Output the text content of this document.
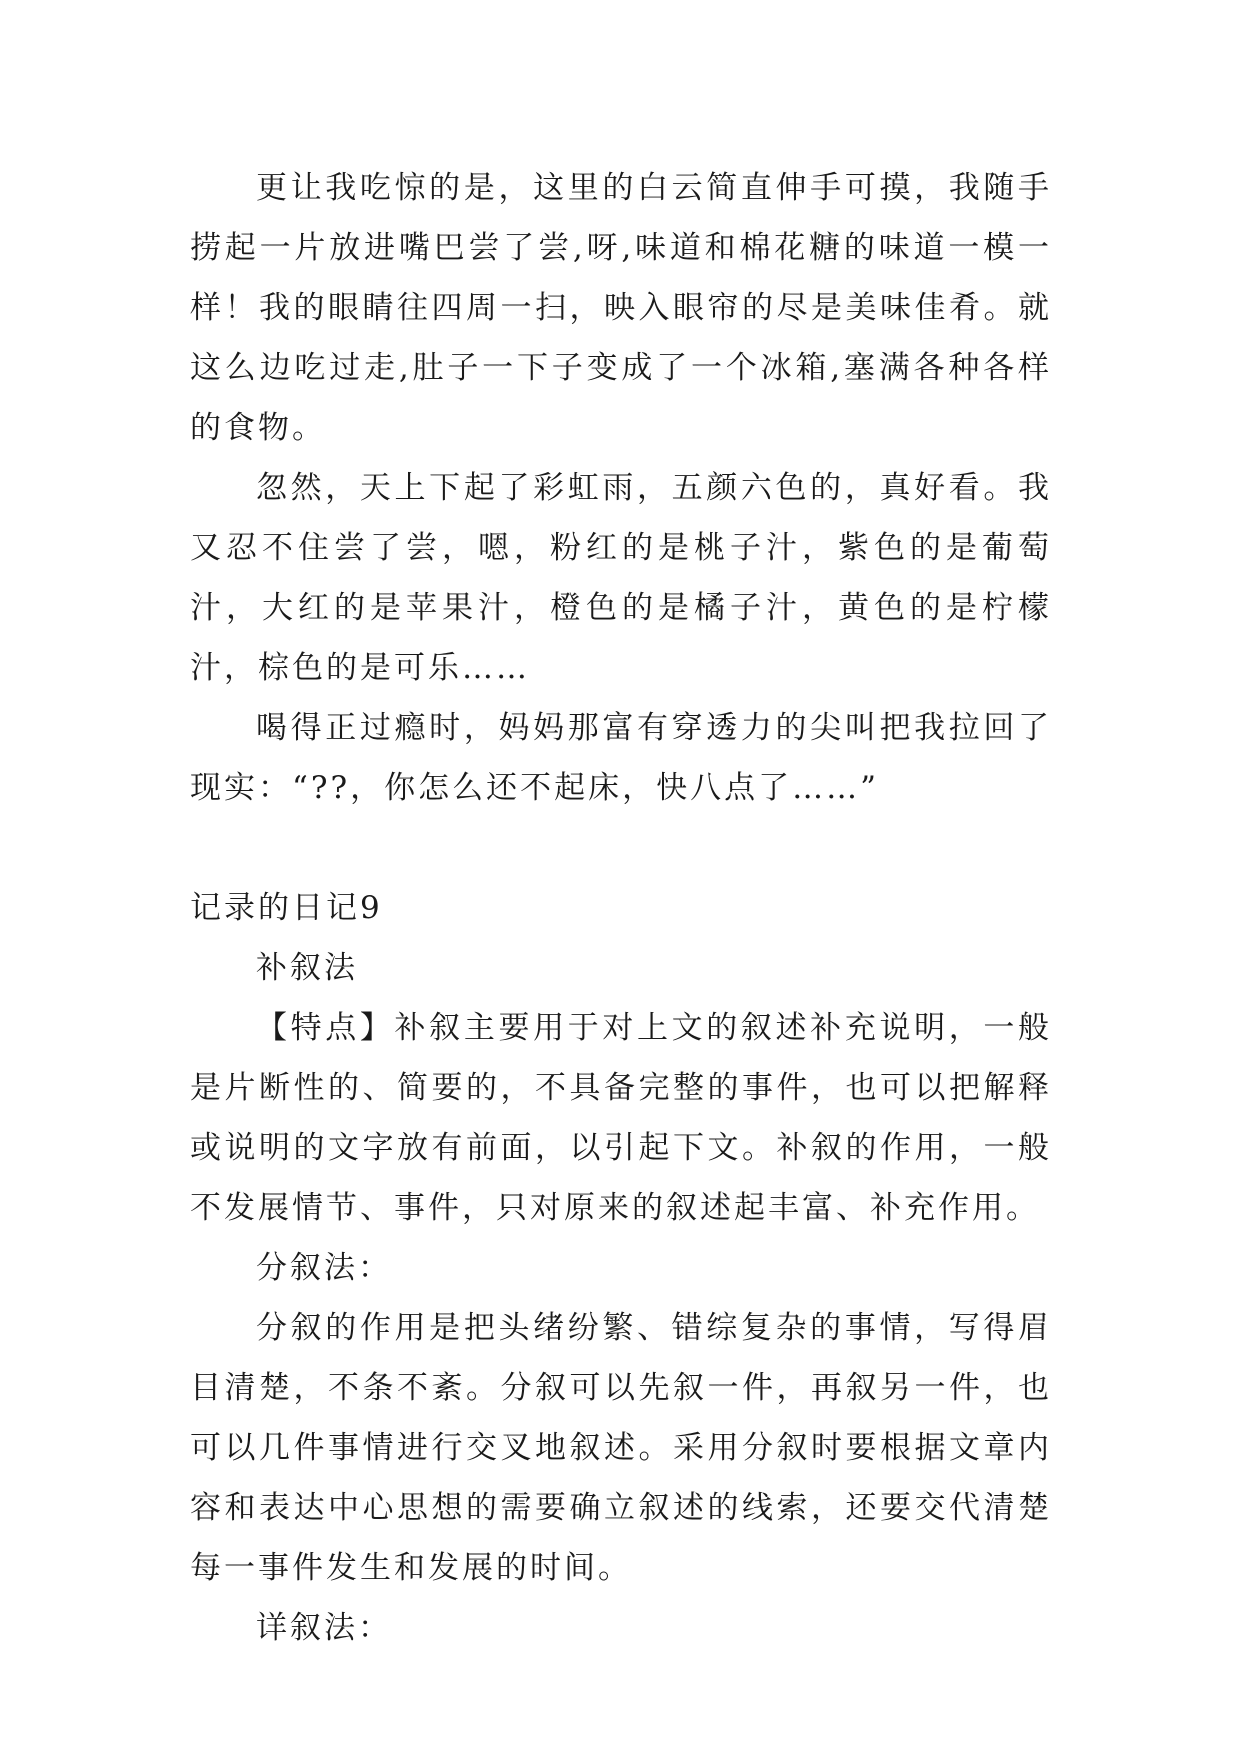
更让我吃惊的是，这里的白云简直伸手可摸，我随手捞起一片放进嘴巴尝了尝,呀,味道和棉花糖的味道一模一样！我的眼睛往四周一扫，映入眼帘的尽是美味佳肴。就这么边吃过走,肚子一下子变成了一个冰箱,塞满各种各样的食物。

忽然，天上下起了彩虹雨，五颜六色的，真好看。我又忍不住尝了尝，嗯，粉红的是桃子汁，紫色的是葡萄汁，大红的是苹果汁，橙色的是橘子汁，黄色的是柠檬汁，棕色的是可乐……

喝得正过瘾时，妈妈那富有穿透力的尖叫把我拉回了现实：“??，你怎么还不起床，快八点了……”

记录的日记9

补叙法

【特点】补叙主要用于对上文的叙述补充说明，一般是片断性的、简要的，不具备完整的事件，也可以把解释或说明的文字放有前面，以引起下文。补叙的作用，一般不发展情节、事件，只对原来的叙述起丰富、补充作用。

分叙法：

分叙的作用是把头绪纷繁、错综复杂的事情，写得眉目清楚，不条不紊。分叙可以先叙一件，再叙另一件，也可以几件事情进行交叉地叙述。采用分叙时要根据文章内容和表达中心思想的需要确立叙述的线索，还要交代清楚每一事件发生和发展的时间。

详叙法：
